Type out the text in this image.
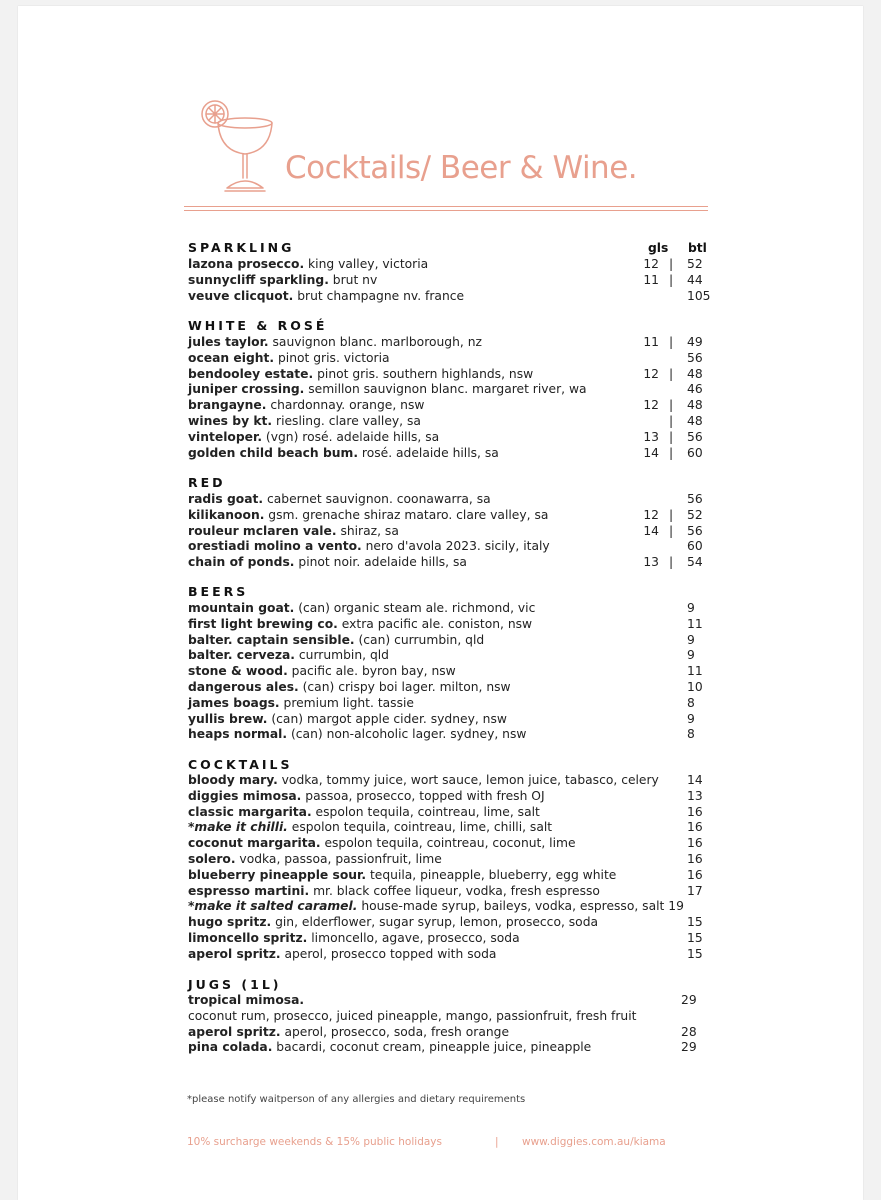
Cocktails/ Beer & Wine.
SPARKLING	gls btl
lazona prosecco. king valley, victoria	12 | 52
sunnycliff sparkling. brut nv	11 | 44
veuve clicquot. brut champagne nv. france	105
WHITE & ROSÉ
jules taylor. sauvignon blanc. marlborough, nz	11 | 49
ocean eight. pinot gris. victoria	56
bendooley estate. pinot gris. southern highlands, nsw	12 | 48
juniper crossing. semillon sauvignon blanc. margaret river, wa	46
brangayne. chardonnay. orange, nsw	12 | 48
wines by kt. riesling. clare valley, sa	| 48
vinteloper. (vgn) rosé. adelaide hills, sa	13 | 56
golden child beach bum. rosé. adelaide hills, sa	14 | 60
RED
radis goat. cabernet sauvignon. coonawarra, sa	56
kilikanoon. gsm. grenache shiraz mataro. clare valley, sa	12 | 52
rouleur mclaren vale. shiraz, sa	14 | 56
orestiadi molino a vento. nero d'avola 2023. sicily, italy	60
chain of ponds. pinot noir. adelaide hills, sa	13 | 54
BEERS
mountain goat. (can) organic steam ale. richmond, vic	9
first light brewing co. extra pacific ale. coniston, nsw	11
balter. captain sensible. (can) currumbin, qld	9
balter. cerveza. currumbin, qld	9
stone & wood. pacific ale. byron bay, nsw	11
dangerous ales. (can) crispy boi lager. milton, nsw	10
james boags. premium light. tassie	8
yullis brew. (can) margot apple cider. sydney, nsw	9
heaps normal. (can) non-alcoholic lager. sydney, nsw	8
COCKTAILS
bloody mary. vodka, tommy juice, wort sauce, lemon juice, tabasco, celery 14
diggies mimosa. passoa, prosecco, topped with fresh OJ	13
classic margarita. espolon tequila, cointreau, lime, salt	16
*make it chilli. espolon tequila, cointreau, lime, chilli, salt	16
coconut margarita. espolon tequila, cointreau, coconut, lime	16
solero. vodka, passoa, passionfruit, lime	16
blueberry pineapple sour. tequila, pineapple, blueberry, egg white	16
espresso martini. mr. black coffee liqueur, vodka, fresh espresso	17
*make it salted caramel. house-made syrup, baileys, vodka, espresso, salt 19
hugo spritz. gin, elderflower, sugar syrup, lemon, prosecco, soda	15
limoncello spritz. limoncello, agave, prosecco, soda	15
aperol spritz. aperol, prosecco topped with soda	15
JUGS (1L)
tropical mimosa.	29
coconut rum, prosecco, juiced pineapple, mango, passionfruit, fresh fruit
aperol spritz. aperol, prosecco, soda, fresh orange	28
pina colada. bacardi, coconut cream, pineapple juice, pineapple	29
*please notify waitperson of any allergies and dietary requirements
10% surcharge weekends & 15% public holidays	| www.diggies.com.au/kiama
